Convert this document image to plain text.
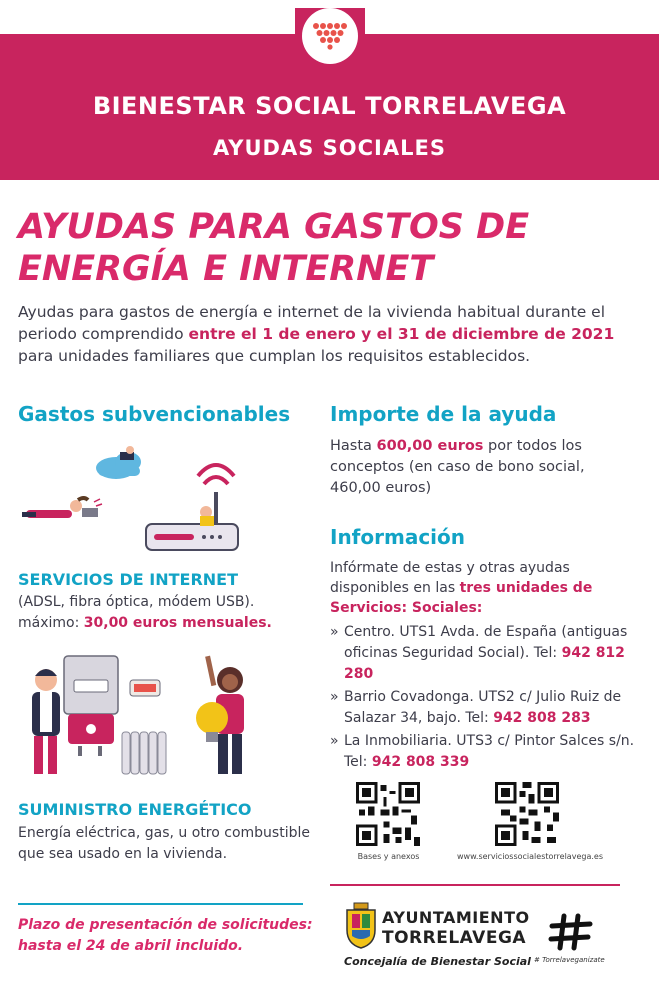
BIENESTAR SOCIAL TORRELAVEGA
AYUDAS SOCIALES
AYUDAS PARA GASTOS DE
ENERGÍA E INTERNET
Ayudas para gastos de energía e internet de la vivienda habitual durante el periodo comprendido entre el 1 de enero y el 31 de diciembre de 2021 para unidades familiares que cumplan los requisitos establecidos.
Gastos subvencionables
SERVICIOS DE INTERNET
(ADSL, fibra óptica, módem USB).
máximo: 30,00 euros mensuales.
SUMINISTRO ENERGÉTICO
Energía eléctrica, gas, u otro combustible que sea usado en la vivienda.
Plazo de presentación de solicitudes:
hasta el 24 de abril incluido.
Importe de la ayuda
Hasta 600,00 euros por todos los conceptos (en caso de bono social, 460,00 euros)
Información
Infórmate de estas y otras ayudas disponibles en las tres unidades de Servicios: Sociales:
» Centro. UTS1 Avda. de España (antiguas oficinas Seguridad Social). Tel: 942 812 280
» Barrio Covadonga. UTS2 c/ Julio Ruiz de Salazar 34, bajo. Tel: 942 808 283
» La Inmobiliaria. UTS3 c/ Pintor Salces s/n. Tel: 942 808 339
Bases y anexos	www.serviciossocialestorrelavega.es
AYUNTAMIENTO
TORRELAVEGA
Concejalía de Bienestar Social # Torrelaveganizate
